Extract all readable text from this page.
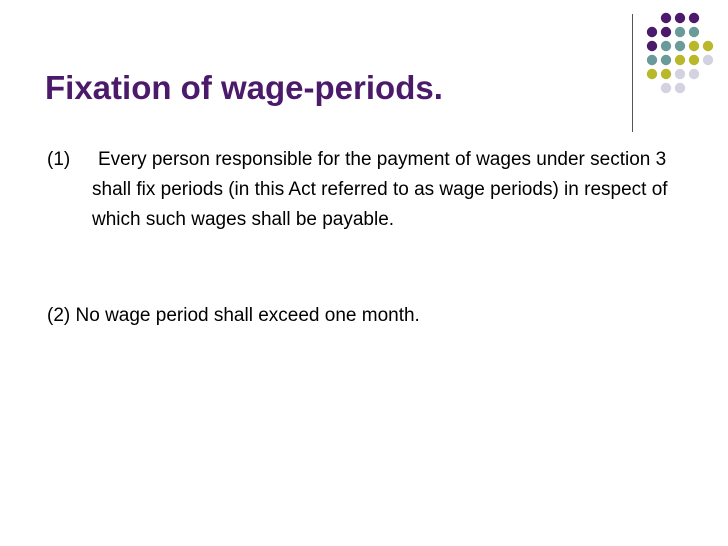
Fixation of wage-periods.
(1)	Every person responsible for the payment of wages under section 3 shall fix periods (in this Act referred to as wage periods) in respect of which such wages shall be payable.
(2) No wage period shall exceed one month.
